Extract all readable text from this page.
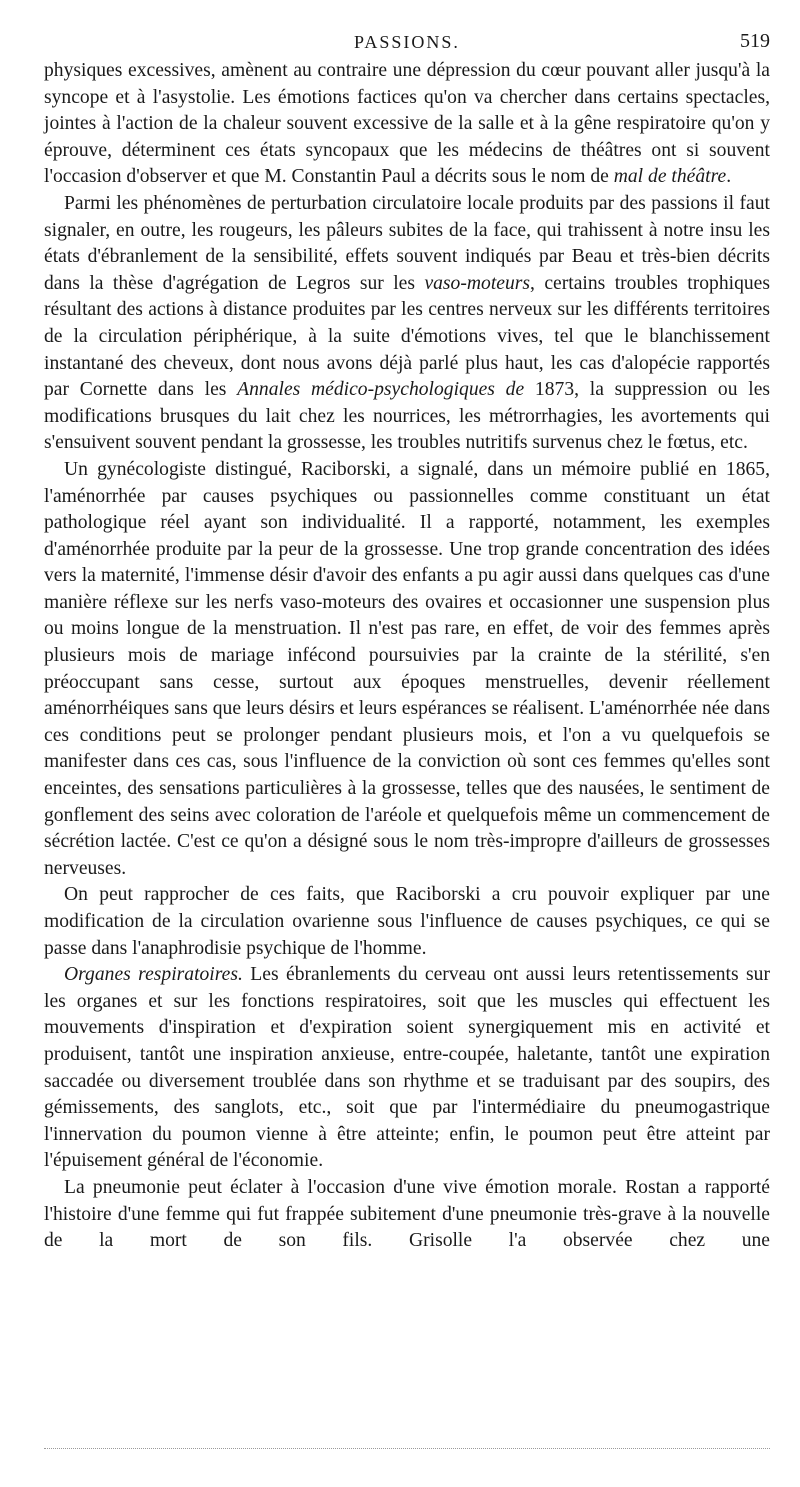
PASSIONS.	519

physiques excessives, amènent au contraire une dépression du cœur pouvant aller jusqu'à la syncope et à l'asystolie. Les émotions factices qu'on va chercher dans certains spectacles, jointes à l'action de la chaleur souvent excessive de la salle et à la gêne respiratoire qu'on y éprouve, déterminent ces états syncopaux que les médecins de théâtres ont si souvent l'occasion d'observer et que M. Constantin Paul a décrits sous le nom de mal de théâtre.

Parmi les phénomènes de perturbation circulatoire locale produits par des passions il faut signaler, en outre, les rougeurs, les pâleurs subites de la face, qui trahissent à notre insu les états d'ébranlement de la sensibilité, effets souvent indiqués par Beau et très-bien décrits dans la thèse d'agrégation de Legros sur les vaso-moteurs, certains troubles trophiques résultant des actions à distance produites par les centres nerveux sur les différents territoires de la circulation périphérique, à la suite d'émotions vives, tel que le blanchissement instantané des cheveux, dont nous avons déjà parlé plus haut, les cas d'alopécie rapportés par Cornette dans les Annales médico-psychologiques de 1873, la suppression ou les modifications brusques du lait chez les nourrices, les métrorrhagies, les avortements qui s'ensuivent souvent pendant la grossesse, les troubles nutritifs survenus chez le fœtus, etc.

Un gynécologiste distingué, Raciborski, a signalé, dans un mémoire publié en 1865, l'aménorrhée par causes psychiques ou passionnelles comme constituant un état pathologique réel ayant son individualité. Il a rapporté, notamment, les exemples d'aménorrhée produite par la peur de la grossesse. Une trop grande concentration des idées vers la maternité, l'immense désir d'avoir des enfants a pu agir aussi dans quelques cas d'une manière réflexe sur les nerfs vaso-moteurs des ovaires et occasionner une suspension plus ou moins longue de la menstruation. Il n'est pas rare, en effet, de voir des femmes après plusieurs mois de mariage infécond poursuivies par la crainte de la stérilité, s'en préoccupant sans cesse, surtout aux époques menstruelles, devenir réellement aménorrhéiques sans que leurs désirs et leurs espérances se réalisent. L'aménorrhée née dans ces conditions peut se prolonger pendant plusieurs mois, et l'on a vu quelquefois se manifester dans ces cas, sous l'influence de la conviction où sont ces femmes qu'elles sont enceintes, des sensations particulières à la grossesse, telles que des nausées, le sentiment de gonflement des seins avec coloration de l'aréole et quelquefois même un commencement de sécrétion lactée. C'est ce qu'on a désigné sous le nom très-impropre d'ailleurs de grossesses nerveuses.

On peut rapprocher de ces faits, que Raciborski a cru pouvoir expliquer par une modification de la circulation ovarienne sous l'influence de causes psychiques, ce qui se passe dans l'anaphrodisie psychique de l'homme.

Organes respiratoires. Les ébranlements du cerveau ont aussi leurs retentissements sur les organes et sur les fonctions respiratoires, soit que les muscles qui effectuent les mouvements d'inspiration et d'expiration soient synergiquement mis en activité et produisent, tantôt une inspiration anxieuse, entre-coupée, haletante, tantôt une expiration saccadée ou diversement troublée dans son rhythme et se traduisant par des soupirs, des gémissements, des sanglots, etc., soit que par l'intermédiaire du pneumogastrique l'innervation du poumon vienne à être atteinte; enfin, le poumon peut être atteint par l'épuisement général de l'économie.

La pneumonie peut éclater à l'occasion d'une vive émotion morale. Rostan a rapporté l'histoire d'une femme qui fut frappée subitement d'une pneumonie très-grave à la nouvelle de la mort de son fils. Grisolle l'a observée chez une
